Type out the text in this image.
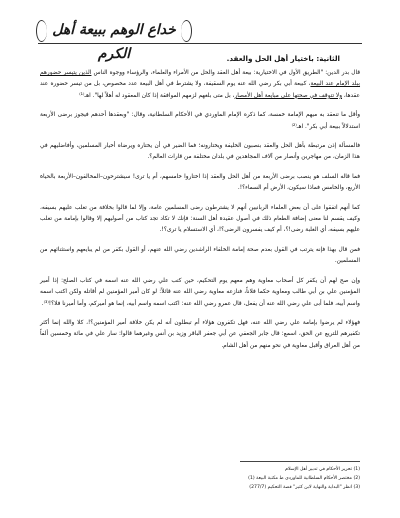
خداع الوهم ببيعة أهل الكرم	الثانية: باختيار أهل الحل والعقد.

قال بدر الدين: "الطريق الأول في الاختيارية: بيعة أهل العقد والحل من الأمراء والعلماء، والرؤساء ووجوه الناس الذين يتيسر حضورهم ببلد الإمام عند البيعة، كبيعة أبي بكر رضي الله عنه يوم السقيفة، ولا يشترط في أهل البيعة عدد مخصوص، بل من تيسر حضوره عند عقدها، ولا تتوقف في صحتها على مبايعة أهل الأمصار، بل متى بلغهم لزمهم الموافقة إذا كان المعقود له أهلاً لها". اهـ⁽¹⁾

وأقل ما تنعقد به ميهم الإمامة خمسة، كما ذكره الإمام الماوردي في الأحكام السلطانية، وقال: "وبعقدها أحدهم فيجوز برضى الأربعة استدلالاً ببيعة أبي بكر". اهـ⁽²⁾

فالمسألة إذن مرتبطة بأهل الحل والعقد بنصبون الخليفة ويختارونه؛ فما الضير في أن يختاره ويرضاه أخيار المسلمين، وأفاضليهم في هذا الزمان، من مهاجرين وأنصار من آلاف المجاهدين في بلدان مختلفة من قارات العالم؟.

فما قاله السلف هو ينصب برضى الأربعة من أهل الحل والعقد إذا اختاروا خامسهم، أم يا ترى! سيشترحون–المخالفون–الأربعة بالحياة الأربع، والخامس فماذا سيكون، الأرض أم السماء؟!.

كما أنهم اتفقوا على أن بعض العلماء الربانيين أنهم لا يشترطون رضى المسلمين عامة، وإلا لما قالوا بخلافة من تغلب عليهم بسيفه، وكيف يقسم لنا معنى إضافة الطعام ذلك في أصول عقيدة أهل السنة: فإنك لا تكاد تجد كتاب من أصوليهم إلا وقالوا بإمامة من تغلب عليهم بسيفه، أي الغلبة رضى!؟، أم كيف يفسرون الرضى؟!، أي الاستسلام يا ترى؟!.

فمن قال بهذا فإنه يترتب في القول بعدم صحة إمامة الخلفاء الراشدين رضي الله عنهم، أو القول بكفر من لم يبايعهم واستثنائهم من المسلمين.

وإن صح لهم أن يكفر كل أصحاب معاوية وهم معهم يوم التحكيم، حين كتب علي رضي الله عنه اسمه في كتاب الصلح: إذا أمير المؤمنين علي بن أبي طالب ومعاوية حكما فلاناً، فنازعه معاوية رضي الله عنه قائلاً: لو كان أمير المؤمنين لم أقاتله ولكن اكتب اسمه واسم أبيه، فلما أبى علي رضي الله عنه أن يفعل، قال عمرو رضي الله عنه: اكتب اسمه واسم أبيه، إنما هو أميركم، وأما أميرنا فلا؟!⁽³⁾.

فهؤلاء لم يرضوا بإمامة علي رضي الله عنه، فهل تكفرون هؤلاء أم تبطلون أنه لم يكن خلافة أمير المؤمنين؟!، كلا والله إنما أكثر تكفيرهم للتريع عن الحق، اسمع: قال جابر الجعفي عن أبي جعفر الباقر وزيد بن أنس وغيرهما قالوا: سار علي في مائة وخمسين ألفاً من أهل العراق وأقبل معاوية في نحو منهم من أهل الشام.

(1) تحرير الأحكام في تدبير أهل الإسلام
(2) مختصر الأحكام السلطانية للماوردي ط مكتبة البيعة (1)
(3) انظر "البداية والنهاية لابن كثير" قصة التحكيم (277/7)
